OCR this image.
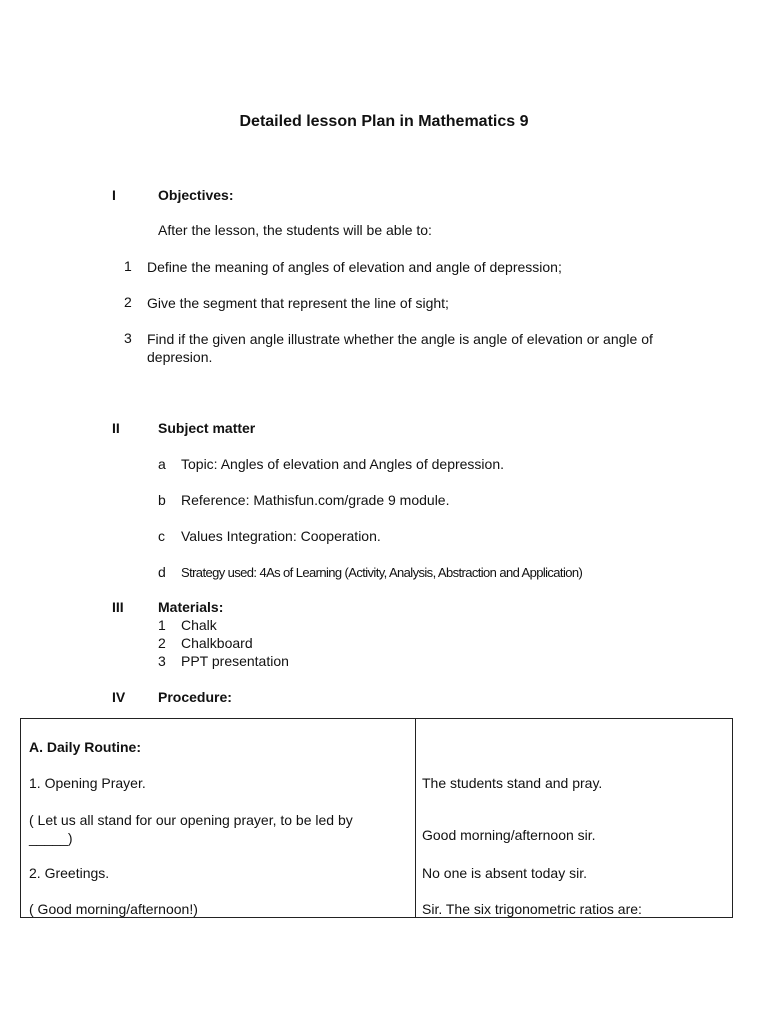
Detailed lesson Plan in Mathematics 9
I	Objectives:
After the lesson, the students will be able to:
1 Define the meaning of angles of elevation and angle of depression;
2 Give the segment that represent the line of sight;
3 Find if the given angle illustrate whether the angle is angle of elevation or angle of depresion.
II	Subject matter
a Topic: Angles of elevation and Angles of depression.
b Reference: Mathisfun.com/grade 9 module.
c Values Integration: Cooperation.
d Strategy used: 4As of Learning (Activity, Analysis, Abstraction and Application)
III Materials:
1 Chalk
2 Chalkboard
3 PPT presentation
IV Procedure:
A. Daily Routine:
1. Opening Prayer.
( Let us all stand for our opening prayer, to be led by _____)
2. Greetings.
( Good morning/afternoon!)
The students stand and pray.
Good morning/afternoon sir.
No one is absent today sir.
Sir. The six trigonometric ratios are:
